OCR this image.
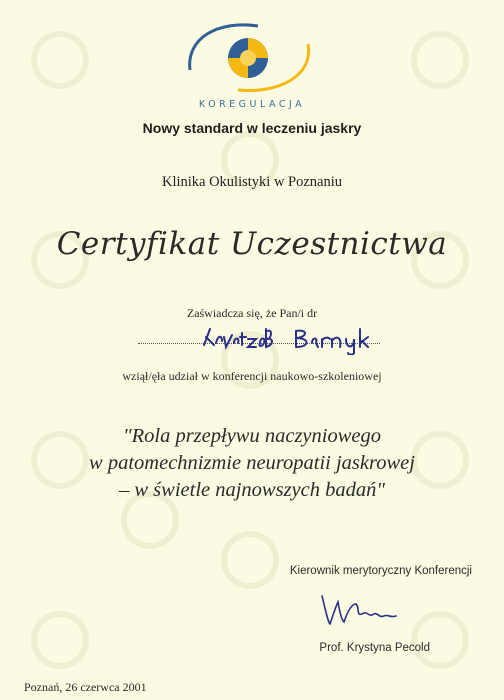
KOREGULACJA
Nowy standard w leczeniu jaskry
Klinika Okulistyki w Poznaniu
Certyfikat Uczestnictwa
Zaświadcza się, że Pan/i dr
wziął/ęła udział w konferencji naukowo-szkoleniowej
"Rola przepływu naczyniowego
w patomechnizmie neuropatii jaskrowej
– w świetle najnowszych badań"
Kierownik merytoryczny Konferencji
Prof. Krystyna Pecold
Poznań, 26 czerwca 2001
